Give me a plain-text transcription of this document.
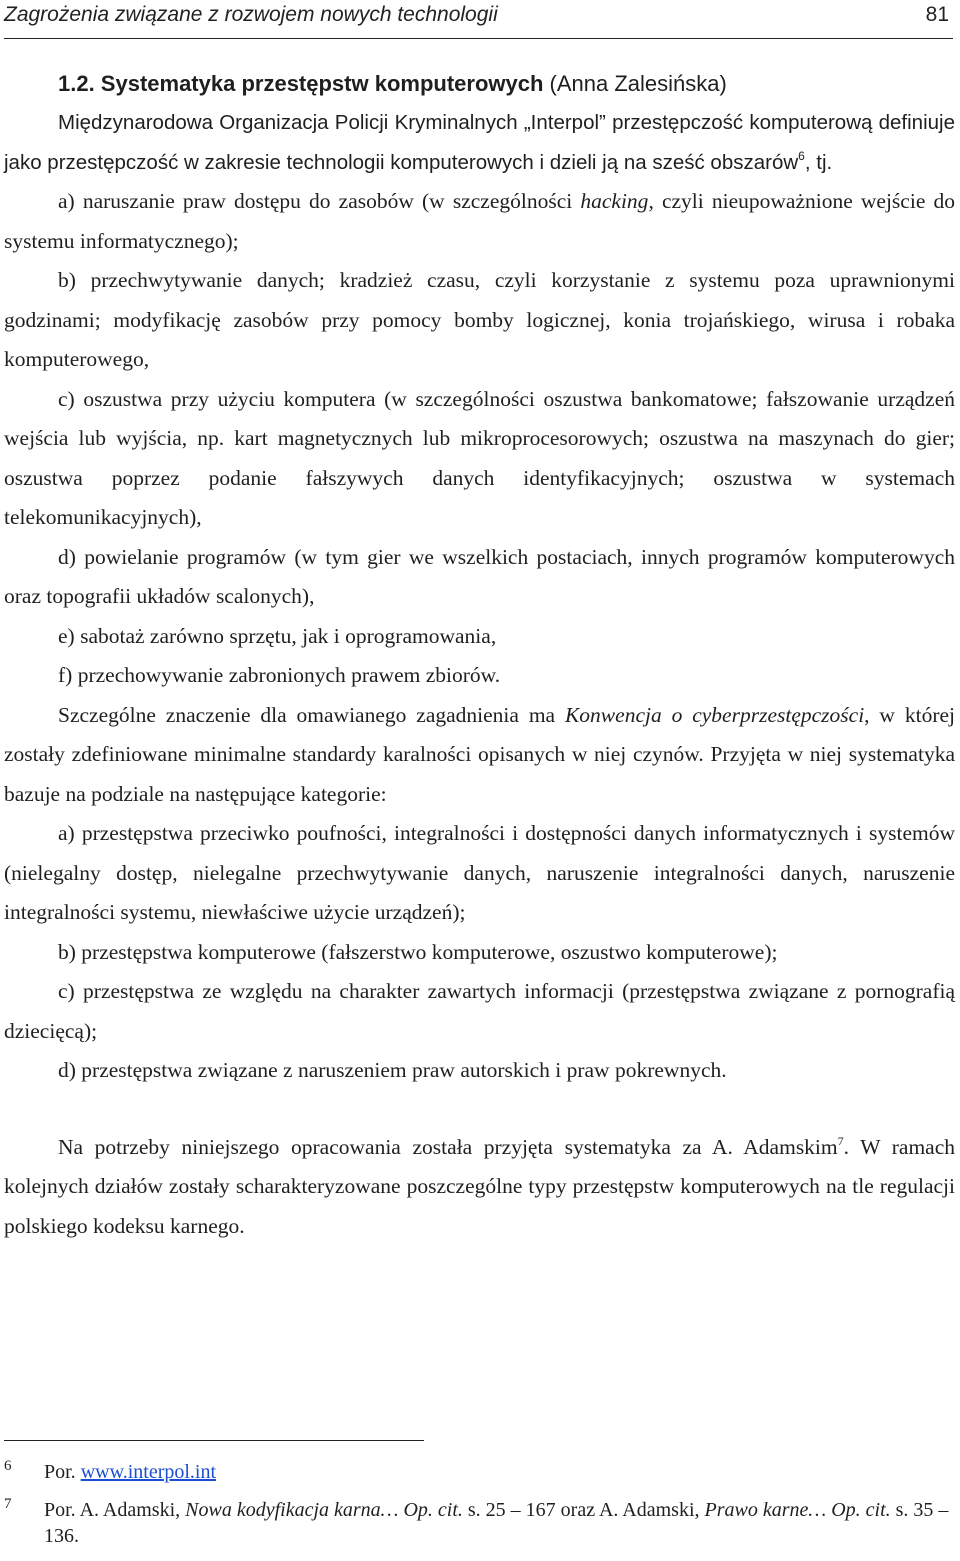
Zagrożenia związane z rozwojem nowych technologii	81

1.2. Systematyka przestępstw komputerowych (Anna Zalesińska)

Międzynarodowa Organizacja Policji Kryminalnych „Interpol” przestępczość komputerową definiuje jako przestępczość w zakresie technologii komputerowych i dzieli ją na sześć obszarów$^6$, tj.

a) naruszanie praw dostępu do zasobów (w szczególności hacking, czyli nieupoważnione wejście do systemu informatycznego);

b) przechwytywanie danych; kradzież czasu, czyli korzystanie z systemu poza uprawnionymi godzinami; modyfikację zasobów przy pomocy bomby logicznej, konia trojańskiego, wirusa i robaka komputerowego,

c) oszustwa przy użyciu komputera (w szczególności oszustwa bankomatowe; fałszowanie urządzeń wejścia lub wyjścia, np. kart magnetycznych lub mikroprocesorowych; oszustwa na maszynach do gier; oszustwa poprzez podanie fałszywych danych identyfikacyjnych; oszustwa w systemach telekomunikacyjnych),

d) powielanie programów (w tym gier we wszelkich postaciach, innych programów komputerowych oraz topografii układów scalonych),

e) sabotaż zarówno sprzętu, jak i oprogramowania,

f) przechowywanie zabronionych prawem zbiorów.

Szczególne znaczenie dla omawianego zagadnienia ma Konwencja o cyberprzestępczości, w której zostały zdefiniowane minimalne standardy karalności opisanych w niej czynów. Przyjęta w niej systematyka bazuje na podziale na następujące kategorie:

a) przestępstwa przeciwko poufności, integralności i dostępności danych informatycznych i systemów (nielegalny dostęp, nielegalne przechwytywanie danych, naruszenie integralności danych, naruszenie integralności systemu, niewłaściwe użycie urządzeń);

b) przestępstwa komputerowe (fałszerstwo komputerowe, oszustwo komputerowe);

c) przestępstwa ze względu na charakter zawartych informacji (przestępstwa związane z pornografią dziecięcą);

d) przestępstwa związane z naruszeniem praw autorskich i praw pokrewnych.

Na potrzeby niniejszego opracowania została przyjęta systematyka za A. Adamskim$^7$. W ramach kolejnych działów zostały scharakteryzowane poszczególne typy przestępstw komputerowych na tle regulacji polskiego kodeksu karnego.

6 Por. www.interpol.int
7 Por. A. Adamski, Nowa kodyfikacja karna… Op. cit. s. 25 – 167 oraz A. Adamski, Prawo karne… Op. cit. s. 35 – 136.
